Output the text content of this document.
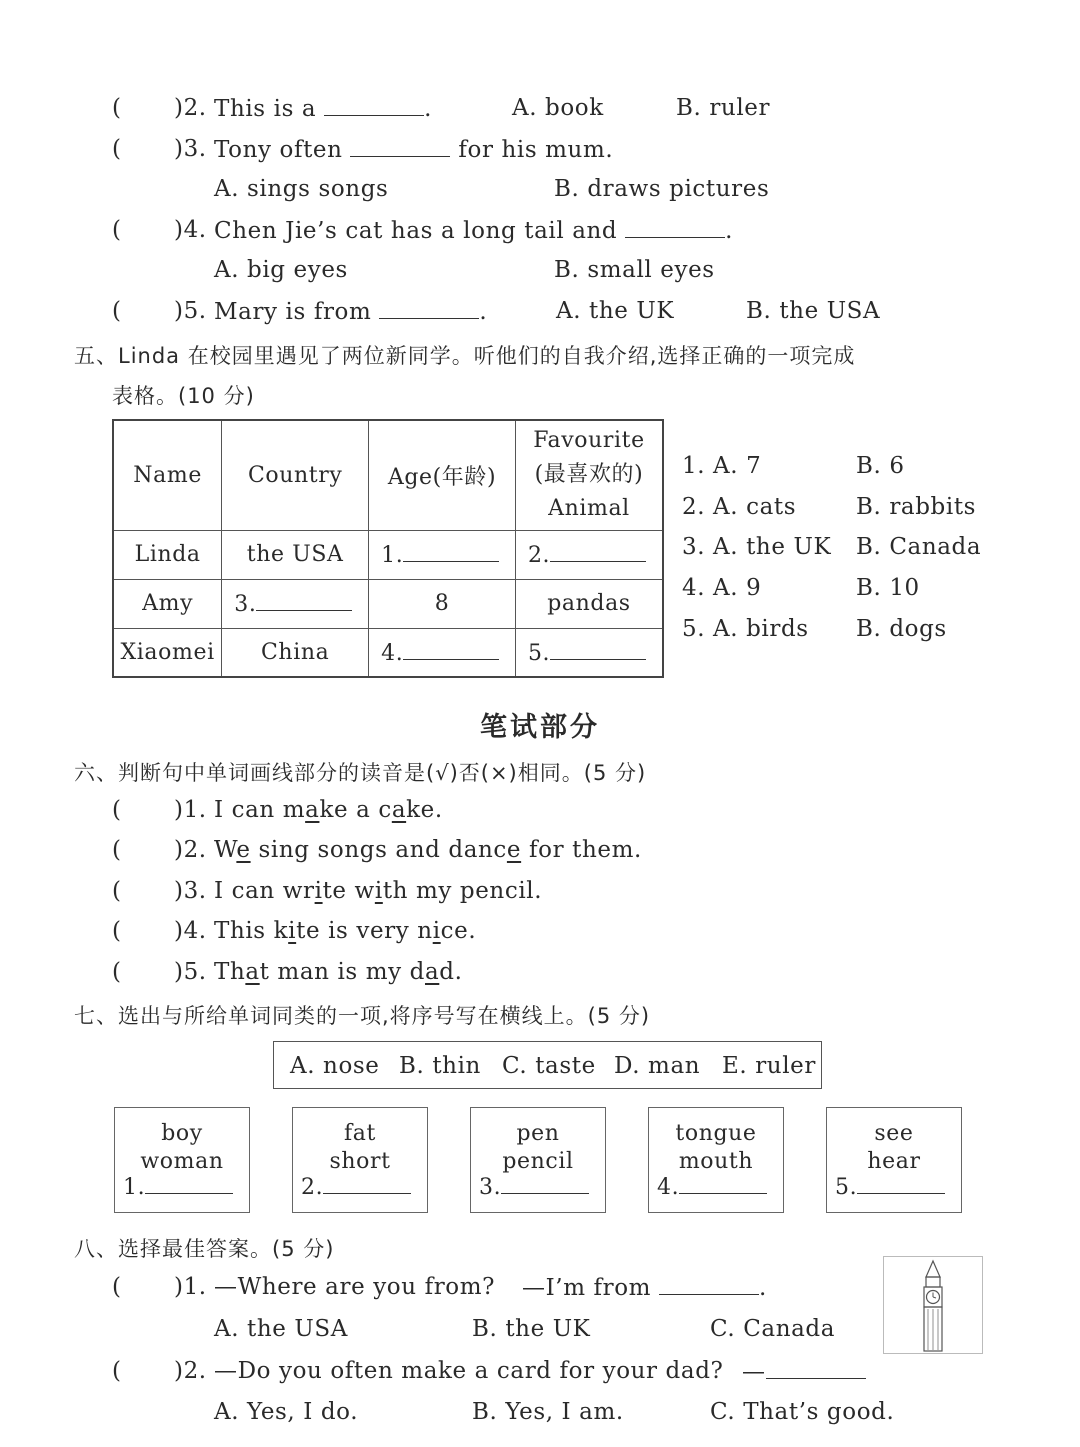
( )2. This is a	.	A. book	B. ruler
( )3. Tony often	for his mum.
A. sings songs	B. draws pictures
( )4. Chen Jie’s cat has a long tail and	.
A. big eyes	B. small eyes
( )5. Mary is from	.	A. the UK	B. the USA
五、Linda 在校园里遇见了两位新同学。听他们的自我介绍,选择正确的一项完成
表格。(10 分)
Name	Country	Age(年龄)	Favourite
(最喜欢的)
Animal

Linda	the USA	1.	2.
Amy	3.	8	pandas
Xiaomei	China	4.	5.
1. A. 7	B. 6
2. A. cats	B. rabbits
3. A. the UK B. Canada
4. A. 9	B. 10
5. A. birds B. dogs
笔试部分
六、判断句中单词画线部分的读音是(√)否(×)相同。(5 分)
( )1. I can make a cake.
( )2. We sing songs and dance for them.
( )3. I can write with my pencil.
( )4. This kite is very nice.
( )5. That man is my dad.
七、选出与所给单词同类的一项,将序号写在横线上。(5 分)
A. nose B. thin C. taste D. man E. ruler
boy
woman
1.
fat
short
2.
pen
pencil
3.
tongue
mouth
4.
see
hear
5.
八、选择最佳答案。(5 分)
( )1. —Where are you from? —I’m from	.
A. the USA	B. the UK	C. Canada
( )2. —Do you often make a card for your dad? —
A. Yes, I do.	B. Yes, I am.	C. That’s good.
